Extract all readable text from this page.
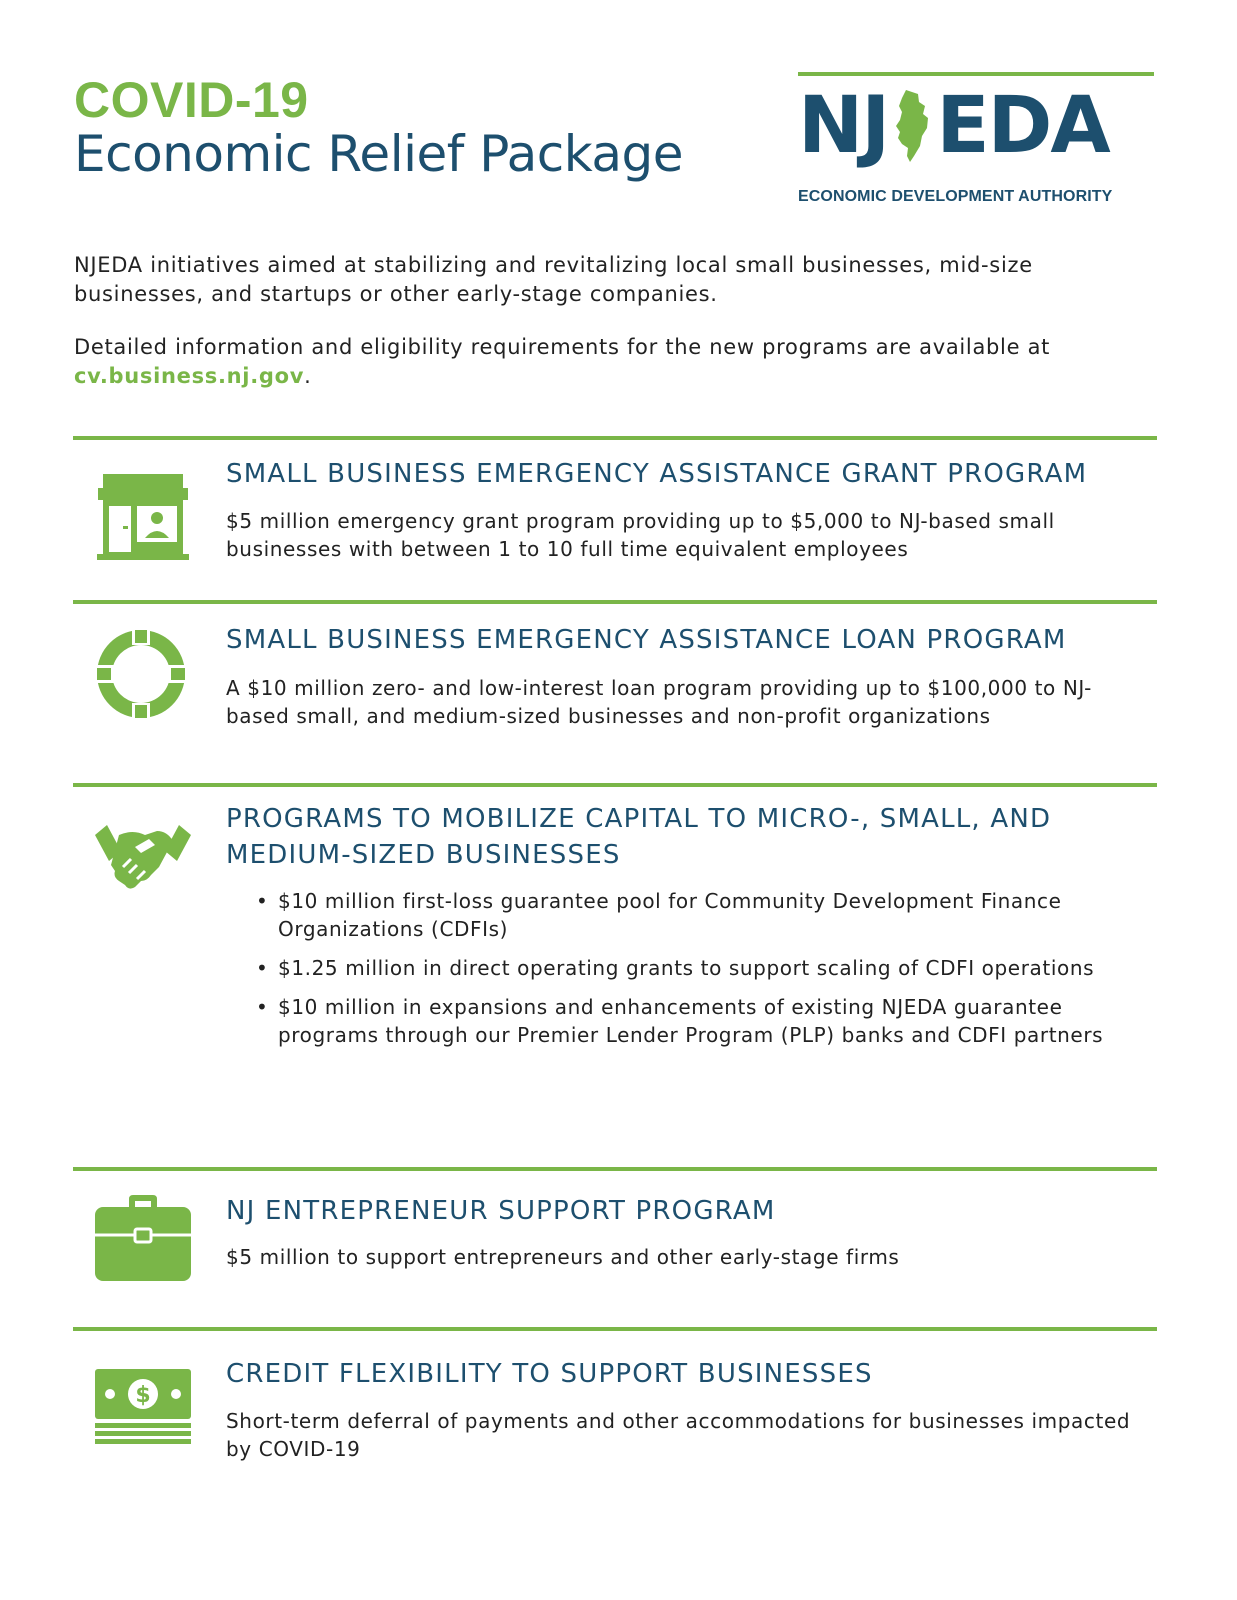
COVID-19
Economic Relief Package NJ EDA
ECONOMIC DEVELOPMENT AUTHORITY

NJEDA initiatives aimed at stabilizing and revitalizing local small businesses, mid-size businesses, and startups or other early-stage companies.

Detailed information and eligibility requirements for the new programs are available at cv.business.nj.gov.

SMALL BUSINESS EMERGENCY ASSISTANCE GRANT PROGRAM

$5 million emergency grant program providing up to $5,000 to NJ-based small businesses with between 1 to 10 full time equivalent employees

SMALL BUSINESS EMERGENCY ASSISTANCE LOAN PROGRAM

A $10 million zero- and low-interest loan program providing up to $100,000 to NJ-based small, and medium-sized businesses and non-profit organizations

PROGRAMS TO MOBILIZE CAPITAL TO MICRO-, SMALL, AND MEDIUM-SIZED BUSINESSES
• $10 million first-loss guarantee pool for Community Development Finance Organizations (CDFIs)
• $1.25 million in direct operating grants to support scaling of CDFI operations
• $10 million in expansions and enhancements of existing NJEDA guarantee programs through our Premier Lender Program (PLP) banks and CDFI partners
NJ ENTREPRENEUR SUPPORT PROGRAM

$5 million to support entrepreneurs and other early-stage firms

$
CREDIT FLEXIBILITY TO SUPPORT BUSINESSES

Short-term deferral of payments and other accommodations for businesses impacted by COVID-19
